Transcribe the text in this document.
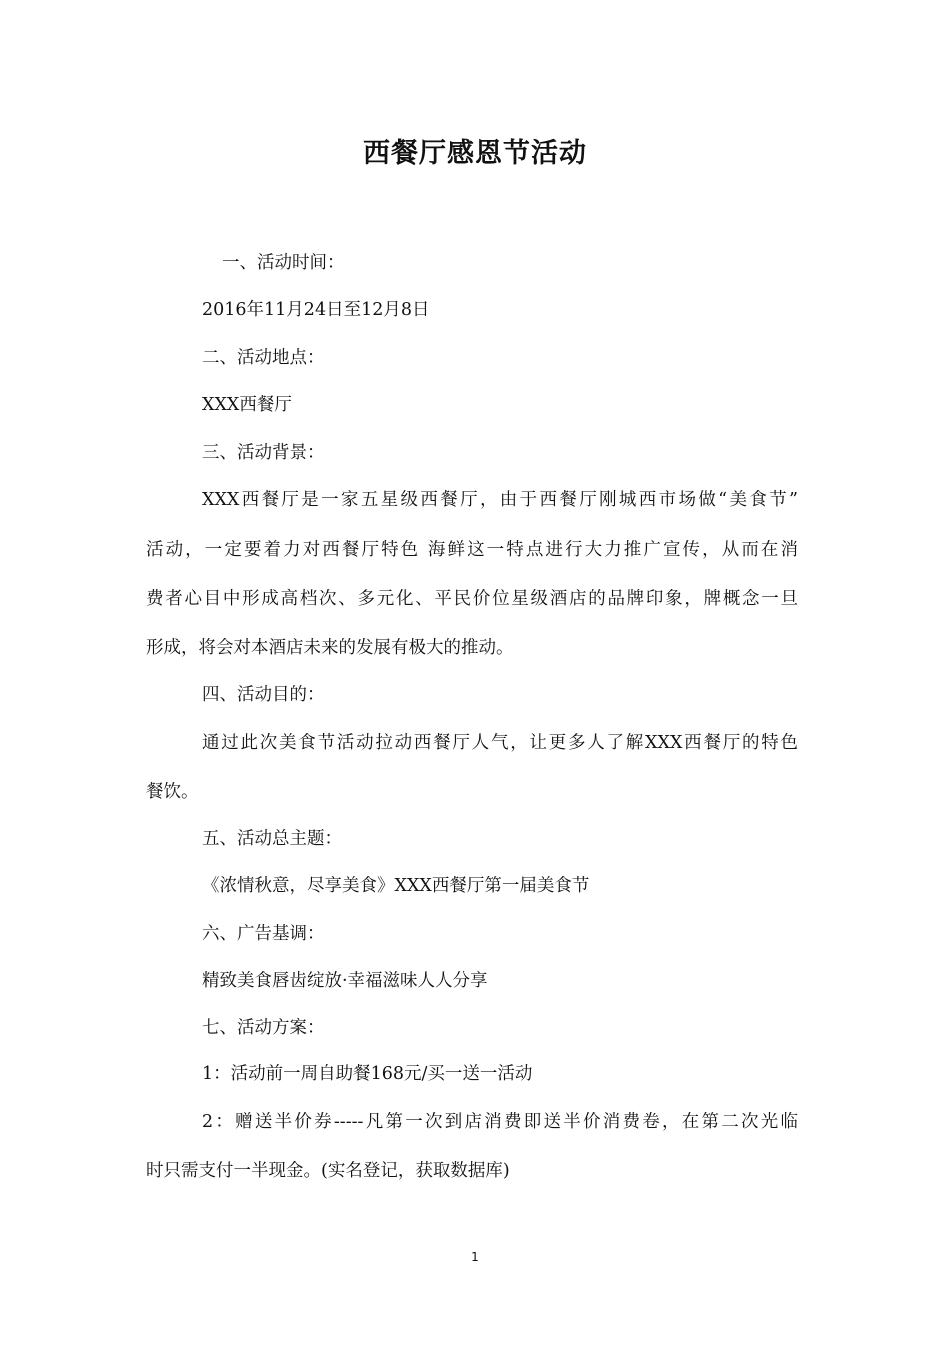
西餐厅感恩节活动
一、活动时间：
2016年11月24日至12月8日
二、活动地点：
XXX西餐厅
三、活动背景：
XXX西餐厅是一家五星级西餐厅，由于西餐厅刚城西市场做“美食节”
活动，一定要着力对西餐厅特色 海鲜这一特点进行大力推广宣传，从而在消
费者心目中形成高档次、多元化、平民价位星级酒店的品牌印象，牌概念一旦
形成，将会对本酒店未来的发展有极大的推动。
四、活动目的：
通过此次美食节活动拉动西餐厅人气，让更多人了解XXX西餐厅的特色
餐饮。
五、活动总主题：
《浓情秋意，尽享美食》XXX西餐厅第一届美食节
六、广告基调：
精致美食唇齿绽放·幸福滋味人人分享
七、活动方案：
1：活动前一周自助餐168元/买一送一活动
2：赠送半价券-----凡第一次到店消费即送半价消费卷，在第二次光临
时只需支付一半现金。(实名登记，获取数据库)
1
